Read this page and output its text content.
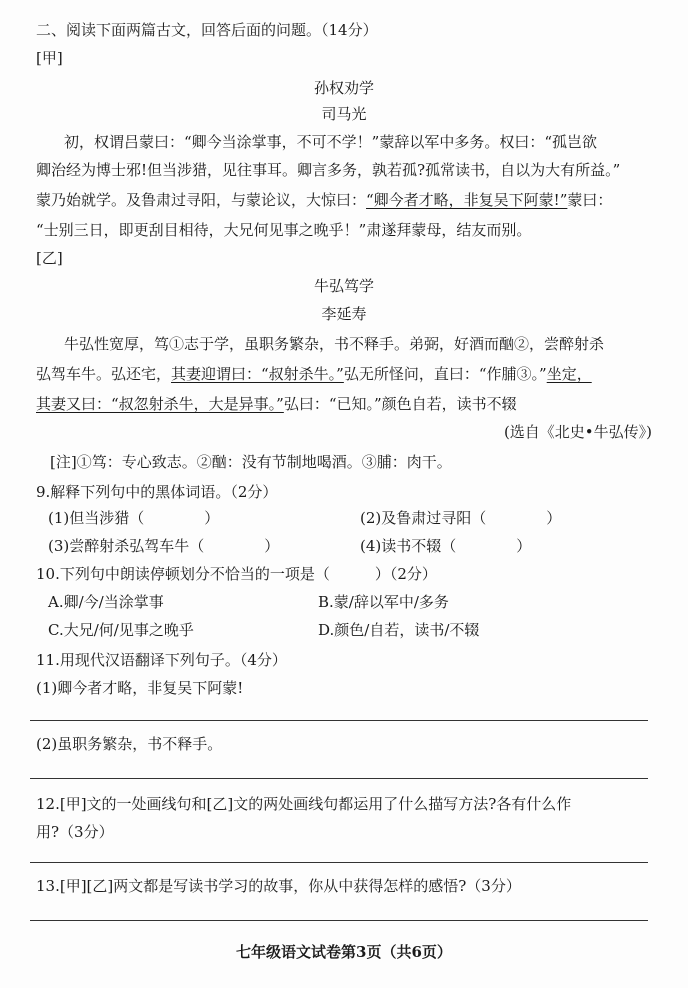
二、阅读下面两篇古文，回答后面的问题。（14分）
[甲]
孙权劝学
司马光
初，权谓吕蒙曰：“卿今当涂掌事，不可不学！”蒙辞以军中多务。权曰：“孤岂欲
卿治经为博士邪!但当涉猎，见往事耳。卿言多务，孰若孤?孤常读书，自以为大有所益。”
蒙乃始就学。及鲁肃过寻阳，与蒙论议，大惊曰：“卿今者才略，非复吴下阿蒙!”蒙曰：
“士别三日，即更刮目相待，大兄何见事之晚乎！”肃遂拜蒙母，结友而别。
[乙]
牛弘笃学
李延寿
牛弘性宽厚，笃①志于学，虽职务繁杂，书不释手。弟弼，好酒而酗②，尝醉射杀
弘驾车牛。弘还宅，其妻迎谓曰：“叔射杀牛。”弘无所怪问，直曰：“作脯③。”坐定，
其妻又曰：“叔忽射杀牛，大是异事。”弘曰：“已知。”颜色自若，读书不辍
(选自《北史•牛弘传》)
[注]①笃：专心致志。②酗：没有节制地喝酒。③脯：肉干。
9.解释下列句中的黑体词语。（2分）
(1)但当涉猎（　　　　）	(2)及鲁肃过寻阳（　　　　）
(3)尝醉射杀弘驾车牛（　　　　）	(4)读书不辍（　　　　）
10.下列句中朗读停顿划分不恰当的一项是（　　　）（2分）
A.卿/今/当涂掌事	B.蒙/辞以军中/多务
C.大兄/何/见事之晚乎	D.颜色/自若，读书/不辍
11.用现代汉语翻译下列句子。（4分）
(1)卿今者才略，非复吴下阿蒙!
(2)虽职务繁杂，书不释手。
12.[甲]文的一处画线句和[乙]文的两处画线句都运用了什么描写方法?各有什么作
用?（3分）
13.[甲][乙]两文都是写读书学习的故事，你从中获得怎样的感悟?（3分）
七年级语文试卷第3页（共6页）
